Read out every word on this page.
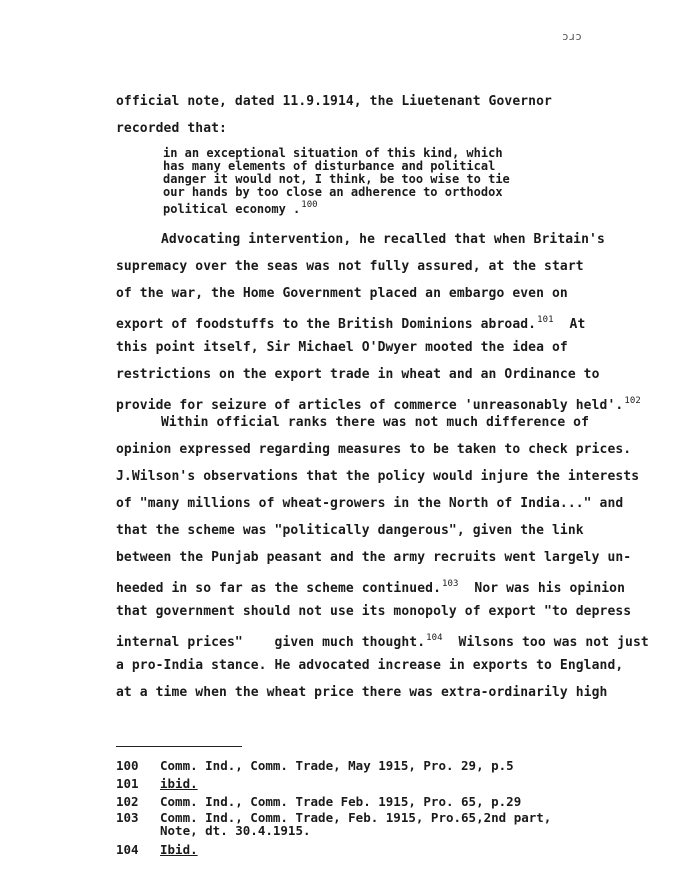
ɔɹɔ
official note, dated 11.9.1914, the Liuetenant Governor
recorded that:
in an exceptional situation of this kind, which
has many elements of disturbance and political
danger it would not, I think, be too wise to tie
our hands by too close an adherence to orthodox
political economy .$^{100}$
Advocating intervention, he recalled that when Britain's
supremacy over the seas was not fully assured, at the start
of the war, the Home Government placed an embargo even on
export of foodstuffs to the British Dominions abroad.$^{101}$  At
this point itself, Sir Michael O'Dwyer mooted the idea of
restrictions on the export trade in wheat and an Ordinance to
provide for seizure of articles of commerce 'unreasonably held'.$^{102}$
Within official ranks there was not much difference of
opinion expressed regarding measures to be taken to check prices.
J.Wilson's observations that the policy would injure the interests
of "many millions of wheat-growers in the North of India..." and
that the scheme was "politically dangerous", given the link
between the Punjab peasant and the army recruits went largely un-
heeded in so far as the scheme continued.$^{103}$  Nor was his opinion
that government should not use its monopoly of export "to depress
internal prices"    given much thought.$^{104}$  Wilsons too was not just
a pro-India stance. He advocated increase in exports to England,
at a time when the wheat price there was extra-ordinarily high
100	Comm. Ind., Comm. Trade, May 1915, Pro. 29, p.5
101	ibid.
102	Comm. Ind., Comm. Trade Feb. 1915, Pro. 65, p.29
103	Comm. Ind., Comm. Trade, Feb. 1915, Pro.65,2nd part,
Note, dt. 30.4.1915.
104	Ibid.
